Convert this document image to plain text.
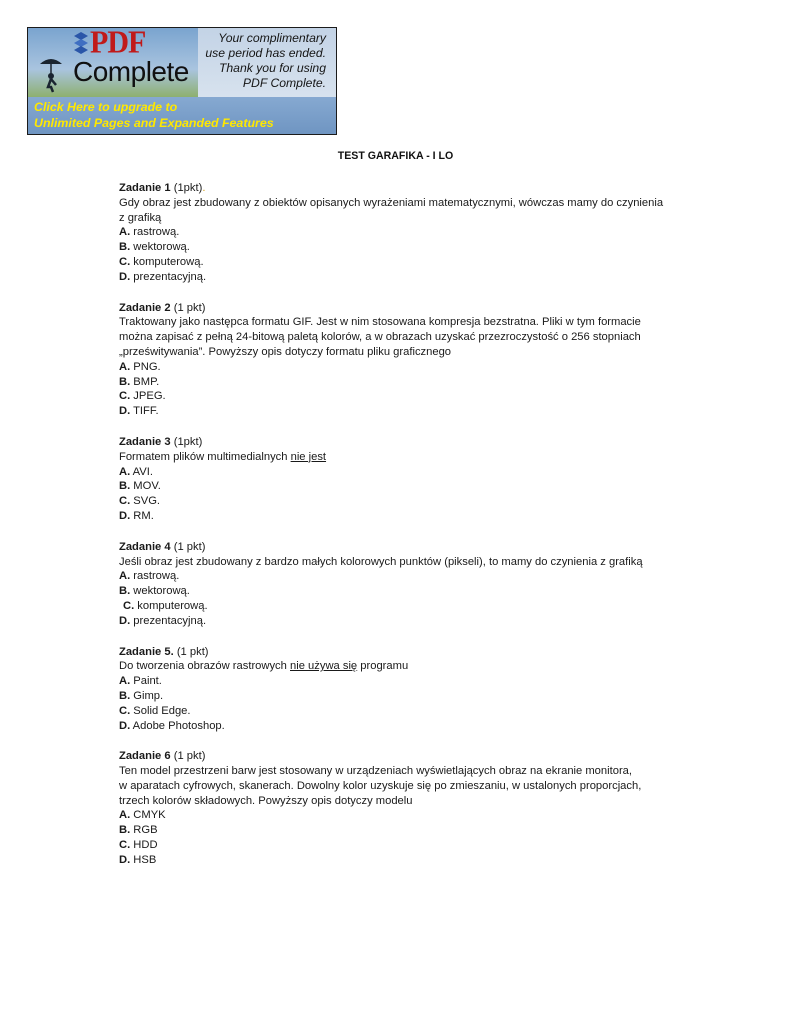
PDF
Complete
Your complimentary
use period has ended.
Thank you for using
PDF Complete.
Click Here to upgrade to
Unlimited Pages and Expanded Features
TEST GARAFIKA - I LO
Zadanie 1 (1pkt).
Gdy obraz jest zbudowany z obiektów opisanych wyrażeniami matematycznymi, wówczas mamy do czynienia
z grafiką
A. rastrową.
B. wektorową.
C. komputerową.
D. prezentacyjną.
Zadanie 2 (1 pkt)
Traktowany jako następca formatu GIF. Jest w nim stosowana kompresja bezstratna. Pliki w tym formacie
można zapisać z pełną 24-bitową paletą kolorów, a w obrazach uzyskać przezroczystość o 256 stopniach
„prześwitywania”. Powyższy opis dotyczy formatu pliku graficznego
A. PNG.
B. BMP.
C. JPEG.
D. TIFF.
Zadanie 3 (1pkt)
Formatem plików multimedialnych nie jest
A. AVI.
B. MOV.
C. SVG.
D. RM.
Zadanie 4 (1 pkt)
Jeśli obraz jest zbudowany z bardzo małych kolorowych punktów (pikseli), to mamy do czynienia z grafiką
A. rastrową.
B. wektorową.
C. komputerową.
D. prezentacyjną.
Zadanie 5. (1 pkt)
Do tworzenia obrazów rastrowych nie używa się programu
A. Paint.
B. Gimp.
C. Solid Edge.
D. Adobe Photoshop.
Zadanie 6 (1 pkt)
Ten model przestrzeni barw jest stosowany w urządzeniach wyświetlających obraz na ekranie monitora,
w aparatach cyfrowych, skanerach. Dowolny kolor uzyskuje się po zmieszaniu, w ustalonych proporcjach,
trzech kolorów składowych. Powyższy opis dotyczy modelu
A. CMYK
B. RGB
C. HDD
D. HSB
